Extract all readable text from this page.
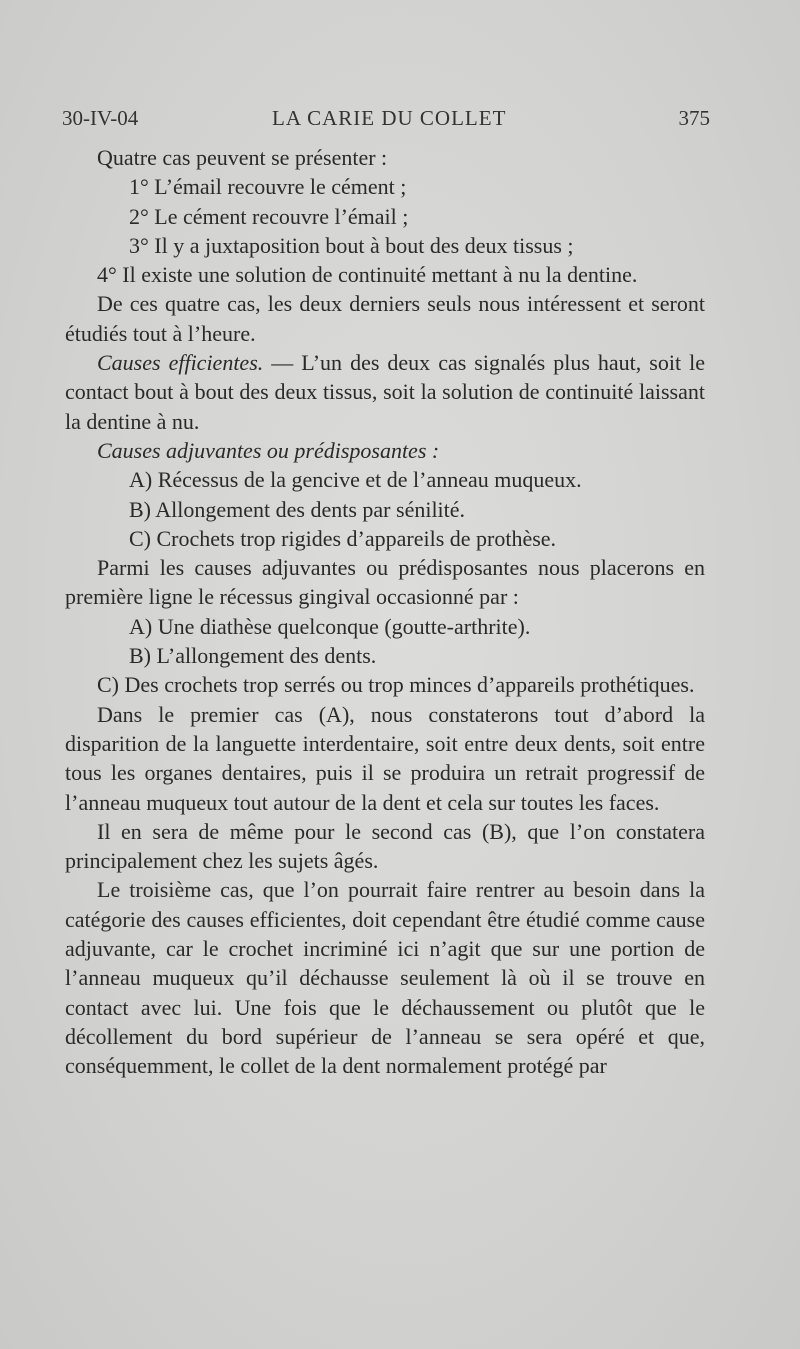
30-IV-04	LA CARIE DU COLLET	375

Quatre cas peuvent se présenter :

1° L’émail recouvre le cément ;

2° Le cément recouvre l’émail ;

3° Il y a juxtaposition bout à bout des deux tissus ;

4° Il existe une solution de continuité mettant à nu la dentine.

De ces quatre cas, les deux derniers seuls nous intéressent et seront étudiés tout à l’heure.

Causes efficientes. — L’un des deux cas signalés plus haut, soit le contact bout à bout des deux tissus, soit la solution de continuité laissant la dentine à nu.

Causes adjuvantes ou prédisposantes :

A) Récessus de la gencive et de l’anneau muqueux.

B) Allongement des dents par sénilité.

C) Crochets trop rigides d’appareils de prothèse.

Parmi les causes adjuvantes ou prédisposantes nous placerons en première ligne le récessus gingival occasionné par :

A) Une diathèse quelconque (goutte-arthrite).

B) L’allongement des dents.

C) Des crochets trop serrés ou trop minces d’appareils prothétiques.

Dans le premier cas (A), nous constaterons tout d’abord la disparition de la languette interdentaire, soit entre deux dents, soit entre tous les organes dentaires, puis il se produira un retrait progressif de l’anneau muqueux tout autour de la dent et cela sur toutes les faces.

Il en sera de même pour le second cas (B), que l’on constatera principalement chez les sujets âgés.

Le troisième cas, que l’on pourrait faire rentrer au besoin dans la catégorie des causes efficientes, doit cependant être étudié comme cause adjuvante, car le crochet incriminé ici n’agit que sur une portion de l’anneau muqueux qu’il déchausse seulement là où il se trouve en contact avec lui. Une fois que le déchaussement ou plutôt que le décollement du bord supérieur de l’anneau se sera opéré et que, conséquemment, le collet de la dent normalement protégé par
